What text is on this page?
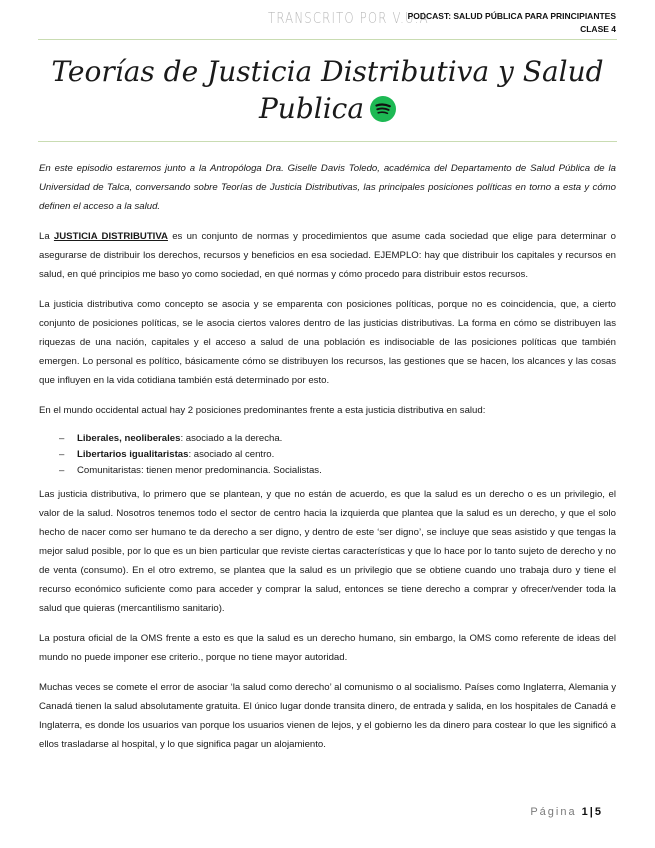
TRANSCRITO POR V.U.A
PODCAST: SALUD PÚBLICA PARA PRINCIPIANTES
CLASE 4
Teorías de Justicia Distributiva y Salud
Publica

En este episodio estaremos junto a la Antropóloga Dra. Giselle Davis Toledo, académica del Departamento de Salud Pública de la Universidad de Talca, conversando sobre Teorías de Justicia Distributivas, las principales posiciones políticas en torno a esta y cómo definen el acceso a la salud.

La JUSTICIA DISTRIBUTIVA es un conjunto de normas y procedimientos que asume cada sociedad que elige para determinar o asegurarse de distribuir los derechos, recursos y beneficios en esa sociedad. EJEMPLO: hay que distribuir los capitales y recursos en salud, en qué principios me baso yo como sociedad, en qué normas y cómo procedo para distribuir estos recursos.

La justicia distributiva como concepto se asocia y se emparenta con posiciones políticas, porque no es coincidencia, que, a cierto conjunto de posiciones políticas, se le asocia ciertos valores dentro de las justicias distributivas. La forma en cómo se distribuyen las riquezas de una nación, capitales y el acceso a salud de una población es indisociable de las posiciones políticas que también emergen. Lo personal es político, básicamente cómo se distribuyen los recursos, las gestiones que se hacen, los alcances y las cosas que influyen en la vida cotidiana también está determinado por esto.

En el mundo occidental actual hay 2 posiciones predominantes frente a esta justicia distributiva en salud:

– Liberales, neoliberales: asociado a la derecha.
– Libertarios igualitaristas: asociado al centro.
– Comunitaristas: tienen menor predominancia. Socialistas.

Las justicia distributiva, lo primero que se plantean, y que no están de acuerdo, es que la salud es un derecho o es un privilegio, el valor de la salud. Nosotros tenemos todo el sector de centro hacia la izquierda que plantea que la salud es un derecho, y que el solo hecho de nacer como ser humano te da derecho a ser digno, y dentro de este ‘ser digno’, se incluye que seas asistido y que tengas la mejor salud posible, por lo que es un bien particular que reviste ciertas características y que lo hace por lo tanto sujeto de derecho y no de venta (consumo). En el otro extremo, se plantea que la salud es un privilegio que se obtiene cuando uno trabaja duro y tiene el recurso económico suficiente como para acceder y comprar la salud, entonces se tiene derecho a comprar y ofrecer/vender toda la salud que quieras (mercantilismo sanitario).

La postura oficial de la OMS frente a esto es que la salud es un derecho humano, sin embargo, la OMS como referente de ideas del mundo no puede imponer ese criterio., porque no tiene mayor autoridad.

Muchas veces se comete el error de asociar ‘la salud como derecho’ al comunismo o al socialismo. Países como Inglaterra, Alemania y Canadá tienen la salud absolutamente gratuita. El único lugar donde transita dinero, de entrada y salida, en los hospitales de Canadá e Inglaterra, es donde los usuarios van porque los usuarios vienen de lejos, y el gobierno les da dinero para costear lo que les significó a ellos trasladarse al hospital, y lo que significa pagar un alojamiento.

Página 1|5
